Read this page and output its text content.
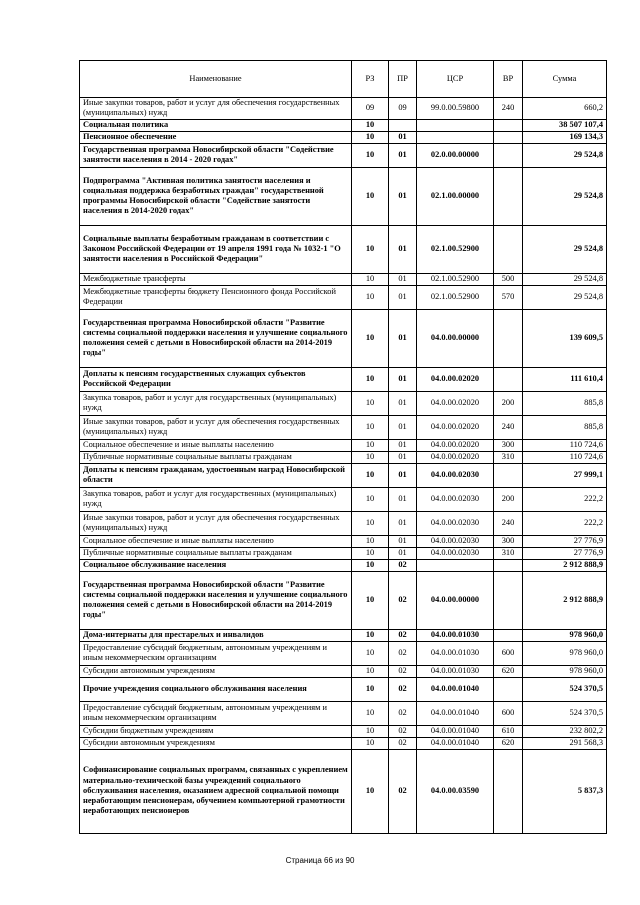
Наименование	РЗ	ПР	ЦСР	ВР	Сумма
Иные закупки товаров, работ и услуг для обеспечения государственных (муниципальных) нужд	09	09	99.0.00.59800	240	660,2
Социальная политика	10				38 507 107,4
Пенсионное обеспечение	10	01			169 134,3
Государственная программа Новосибирской области "Содействие занятости населения в 2014 - 2020 годах"	10	01	02.0.00.00000		29 524,8
Подпрограмма "Активная политика занятости населения и социальная поддержка безработных граждан" государственной программы Новосибирской области "Содействие занятости населения в 2014-2020 годах"	10	01	02.1.00.00000		29 524,8
Социальные выплаты безработным гражданам в соответствии с Законом Российской Федерации от 19 апреля 1991 года № 1032-1 "О занятости населения в Российской Федерации"	10	01	02.1.00.52900		29 524,8
Межбюджетные трансферты	10	01	02.1.00.52900	500	29 524,8
Межбюджетные трансферты бюджету Пенсионного фонда Российской Федерации	10	01	02.1.00.52900	570	29 524,8
Государственная программа Новосибирской области "Развитие системы социальной поддержки населения и улучшение социального положения семей с детьми в Новосибирской области на 2014-2019 годы"	10	01	04.0.00.00000		139 609,5
Доплаты к пенсиям государственных служащих субъектов Российской Федерации	10	01	04.0.00.02020		111 610,4
Закупка товаров, работ и услуг для государственных (муниципальных) нужд	10	01	04.0.00.02020	200	885,8
Иные закупки товаров, работ и услуг для обеспечения государственных (муниципальных) нужд	10	01	04.0.00.02020	240	885,8
Социальное обеспечение и иные выплаты населению	10	01	04.0.00.02020	300	110 724,6
Публичные нормативные социальные выплаты гражданам	10	01	04.0.00.02020	310	110 724,6
Доплаты к пенсиям гражданам, удостоенным наград Новосибирской области	10	01	04.0.00.02030		27 999,1
Закупка товаров, работ и услуг для государственных (муниципальных) нужд	10	01	04.0.00.02030	200	222,2
Иные закупки товаров, работ и услуг для обеспечения государственных (муниципальных) нужд	10	01	04.0.00.02030	240	222,2
Социальное обеспечение и иные выплаты населению	10	01	04.0.00.02030	300	27 776,9
Публичные нормативные социальные выплаты гражданам	10	01	04.0.00.02030	310	27 776,9
Социальное обслуживание населения	10	02			2 912 888,9
Государственная программа Новосибирской области "Развитие системы социальной поддержки населения и улучшение социального положения семей с детьми в Новосибирской области на 2014-2019 годы"	10	02	04.0.00.00000		2 912 888,9
Дома-интернаты для престарелых и инвалидов	10	02	04.0.00.01030		978 960,0
Предоставление субсидий бюджетным, автономным учреждениям и иным некоммерческим организациям	10	02	04.0.00.01030	600	978 960,0
Субсидии автономным учреждениям	10	02	04.0.00.01030	620	978 960,0
Прочие учреждения социального обслуживания населения	10	02	04.0.00.01040		524 370,5
Предоставление субсидий бюджетным, автономным учреждениям и иным некоммерческим организациям	10	02	04.0.00.01040	600	524 370,5
Субсидии бюджетным учреждениям	10	02	04.0.00.01040	610	232 802,2
Субсидии автономным учреждениям	10	02	04.0.00.01040	620	291 568,3
Софинансирование социальных программ, связанных с укреплением материально-технической базы учреждений социального обслуживания населения, оказанием адресной социальной помощи неработающим пенсионерам, обучением компьютерной грамотности неработающих пенсионеров	10	02	04.0.00.03590		5 837,3
Страница 66 из 90
